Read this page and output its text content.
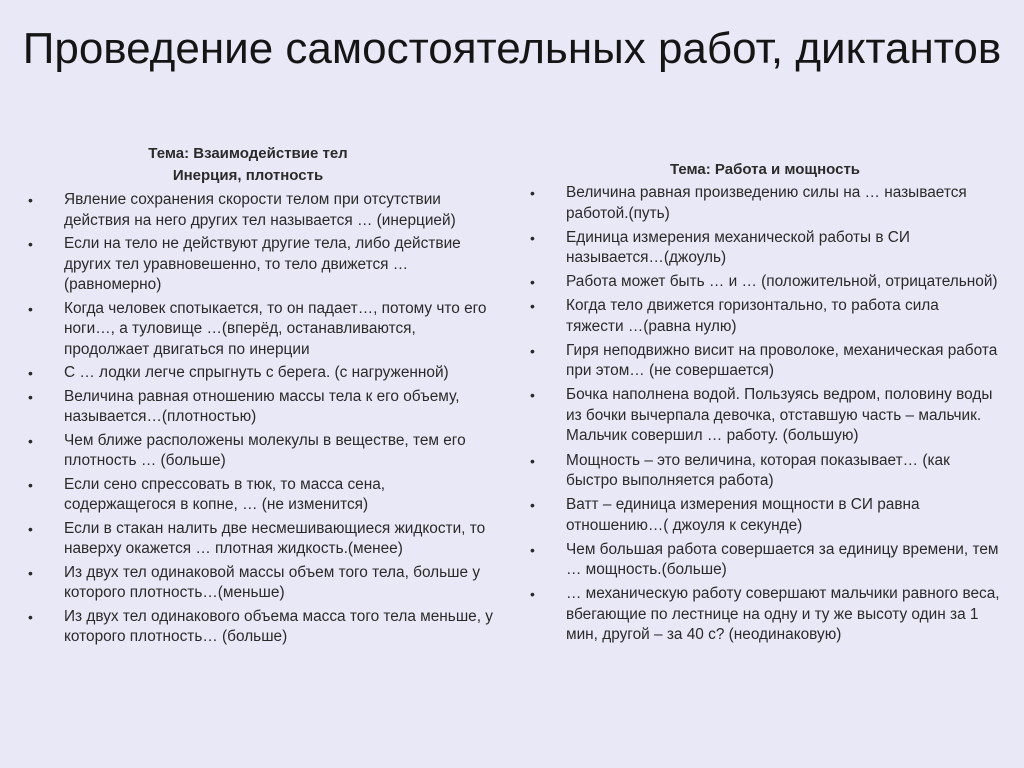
Проведение самостоятельных работ, диктантов
Тема: Взаимодействие тел
Инерция, плотность
• Явление сохранения скорости телом при отсутствии действия на него других тел называется … (инерцией)
• Если на тело не действуют другие тела, либо действие других тел уравновешенно, то тело движется … (равномерно)
• Когда человек спотыкается, то он падает…, потому что его ноги…, а туловище …(вперёд, останавливаются, продолжает двигаться по инерции
• С … лодки легче спрыгнуть с берега. (с нагруженной)
• Величина равная отношению массы тела к его объему, называется…(плотностью)
• Чем ближе расположены молекулы в веществе, тем его плотность … (больше)
• Если сено спрессовать в тюк, то масса сена, содержащегося в копне, … (не изменится)
• Если в стакан налить две несмешивающиеся жидкости, то наверху окажется … плотная жидкость.(менее)
• Из двух тел одинаковой массы объем того тела, больше у которого плотность…(меньше)
• Из двух тел одинакового объема масса того тела меньше, у которого плотность… (больше)
Тема: Работа и мощность
• Величина равная произведению силы на … называется работой.(путь)
• Единица измерения механической работы в СИ называется…(джоуль)
• Работа может быть … и … (положительной, отрицательной)
• Когда тело движется горизонтально, то работа сила тяжести …(равна нулю)
• Гиря неподвижно висит на проволоке, механическая работа при этом… (не совершается)
• Бочка наполнена водой. Пользуясь ведром, половину воды из бочки вычерпала девочка, отставшую часть – мальчик. Мальчик совершил … работу. (большую)
• Мощность – это величина, которая показывает… (как быстро выполняется работа)
• Ватт – единица измерения мощности в СИ равна отношению…( джоуля к секунде)
• Чем большая работа совершается за единицу времени, тем … мощность.(больше)
• … механическую работу совершают мальчики равного веса, вбегающие по лестнице на одну и ту же высоту один за 1 мин, другой – за 40 с? (неодинаковую)
